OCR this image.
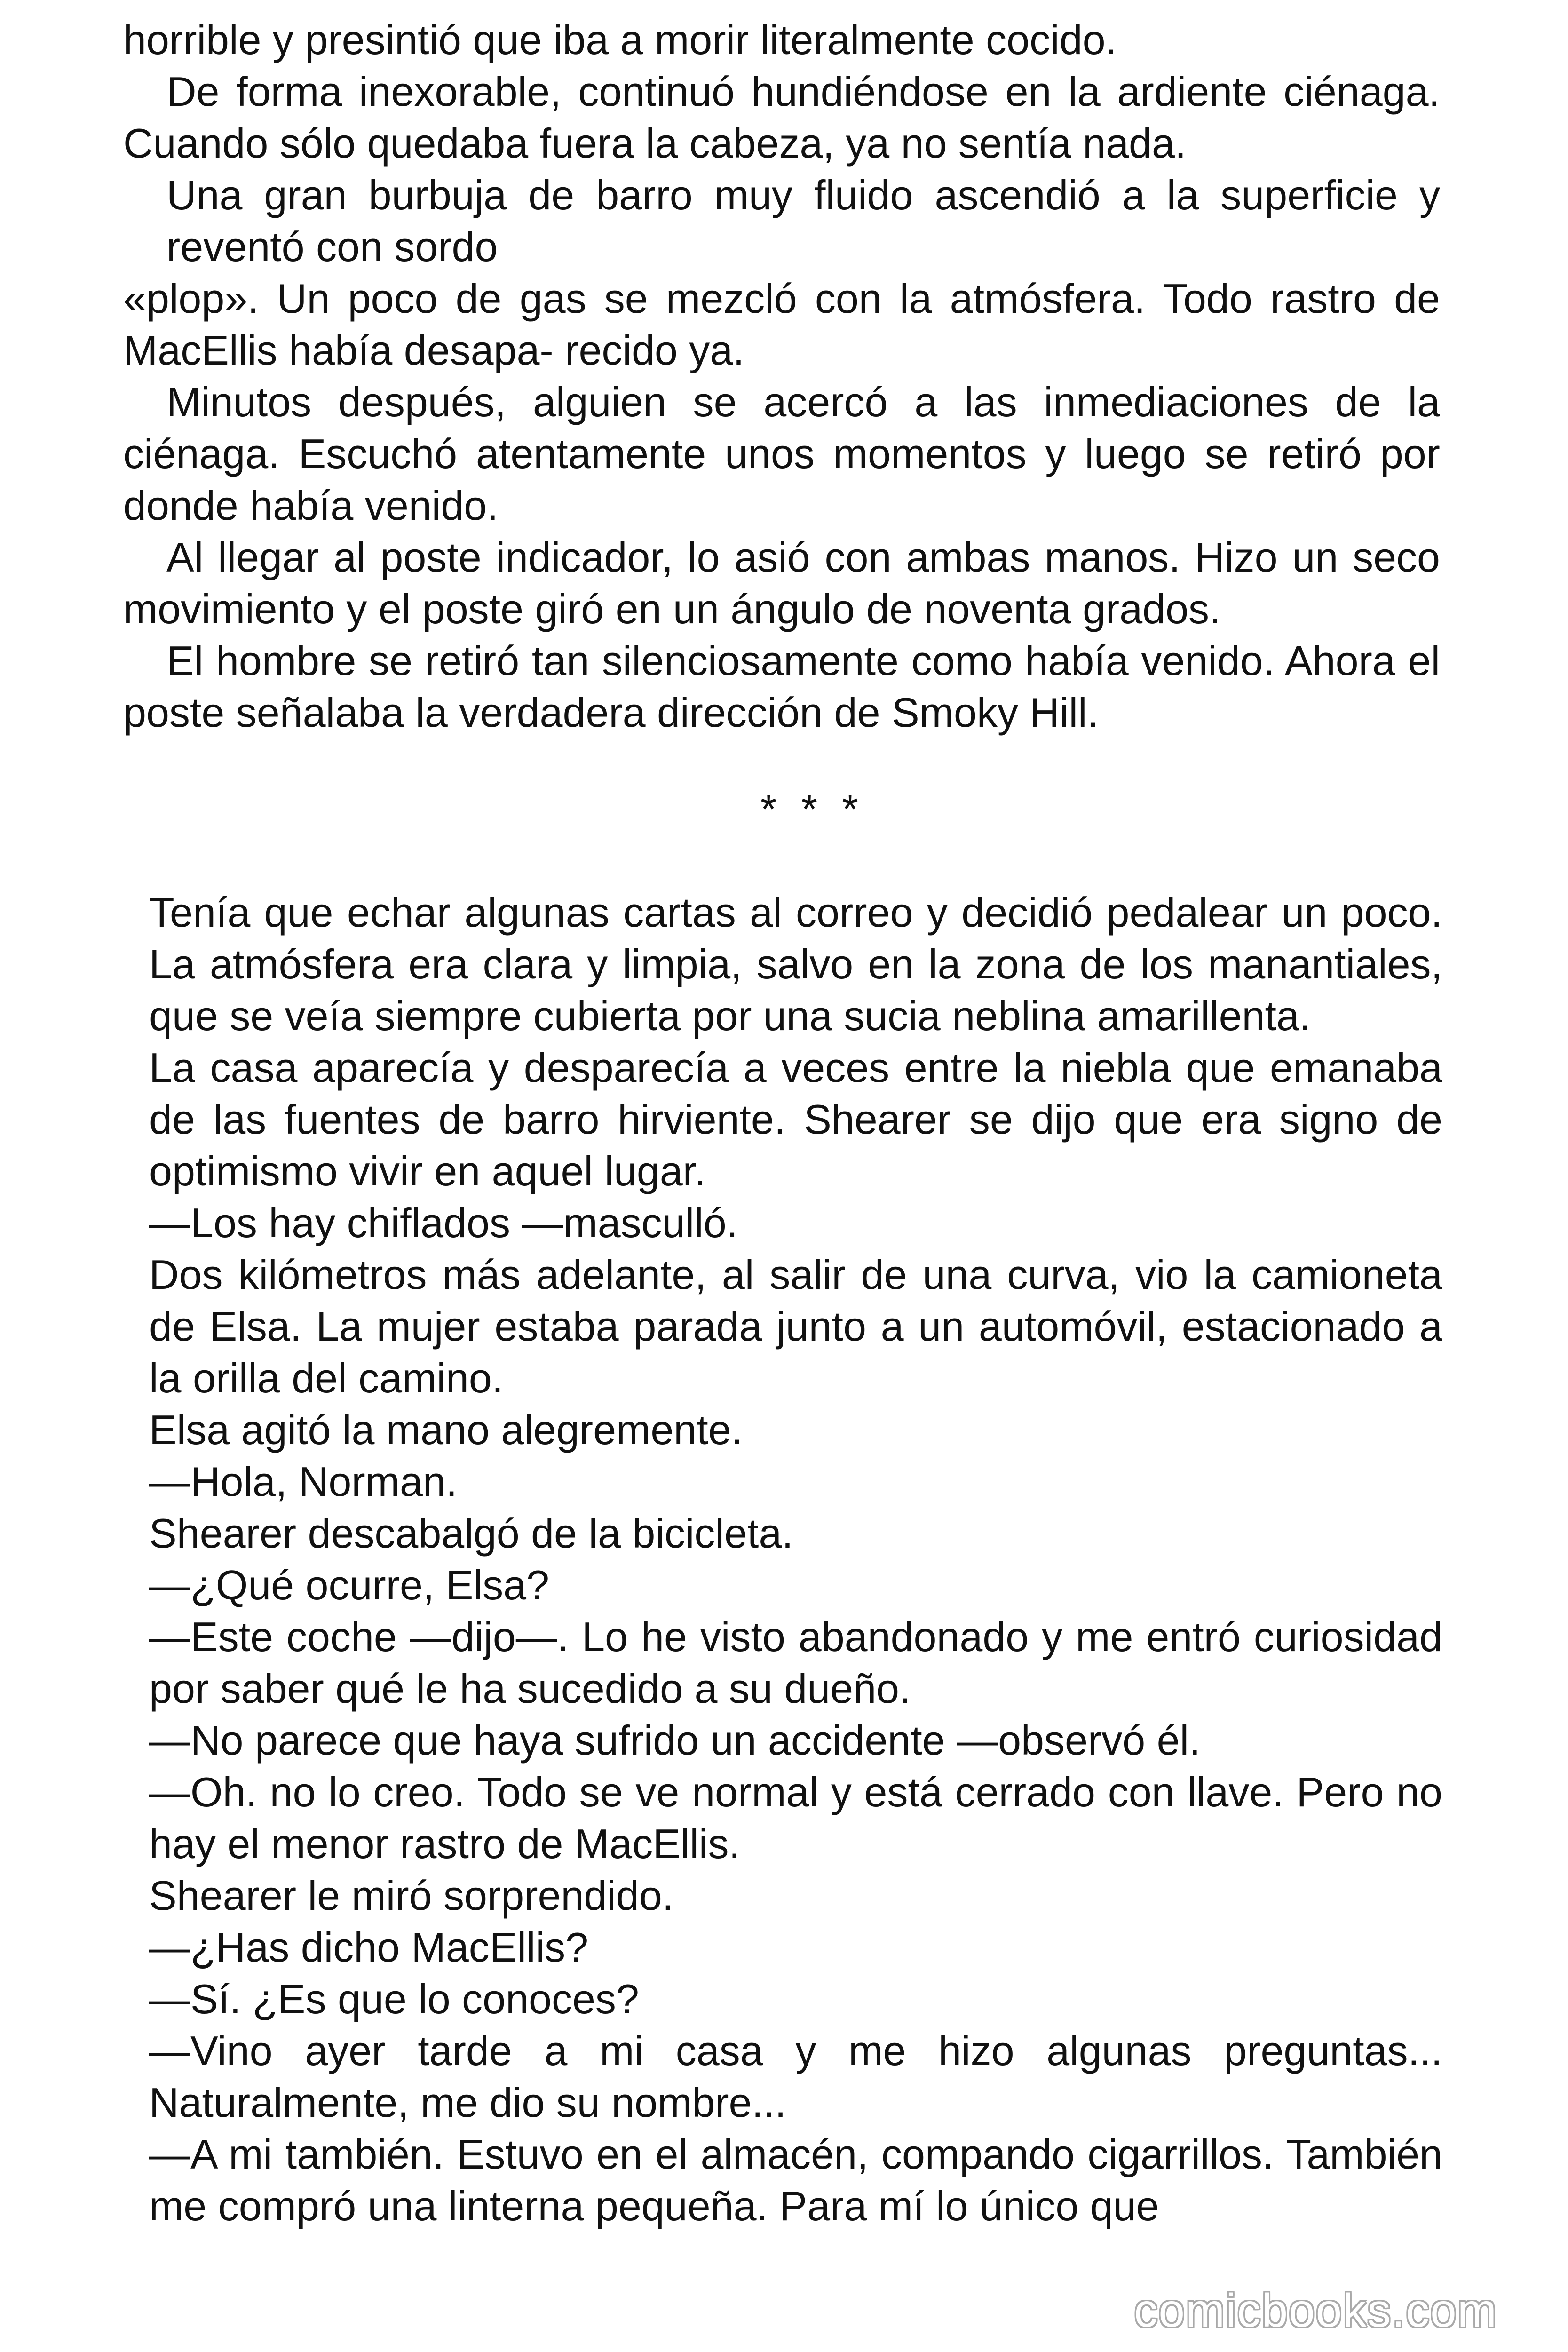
horrible y presintió que iba a morir literalmente cocido.

De forma inexorable, continuó hundiéndose en la ardiente ciénaga. Cuando sólo quedaba fuera la cabeza, ya no sentía nada.

Una gran burbuja de barro muy fluido ascendió a la superficie y reventó con sordo

«plop». Un poco de gas se mezcló con la atmósfera. Todo rastro de MacEllis había desapa- recido ya.

Minutos después, alguien se acercó a las inmediaciones de la ciénaga. Escuchó atentamente unos momentos y luego se retiró por donde había venido.

Al llegar al poste indicador, lo asió con ambas manos. Hizo un seco movimiento y el poste giró en un ángulo de noventa grados.

El hombre se retiró tan silenciosamente como había venido. Ahora el poste señalaba la verdadera dirección de Smoky Hill.

* * *

Tenía que echar algunas cartas al correo y decidió pedalear un poco. La atmósfera era clara y limpia, salvo en la zona de los manantiales, que se veía siempre cubierta por una sucia neblina amarillenta.

La casa aparecía y desparecía a veces entre la niebla que emanaba de las fuentes de barro hirviente. Shearer se dijo que era signo de optimismo vivir en aquel lugar.

—Los hay chiflados —masculló.

Dos kilómetros más adelante, al salir de una curva, vio la camioneta de Elsa. La mujer estaba parada junto a un automóvil, estacionado a la orilla del camino.

Elsa agitó la mano alegremente.

—Hola, Norman.

Shearer descabalgó de la bicicleta.

—¿Qué ocurre, Elsa?

—Este coche —dijo—. Lo he visto abandonado y me entró curiosidad por saber qué le ha sucedido a su dueño.

—No parece que haya sufrido un accidente —observó él.

—Oh. no lo creo. Todo se ve normal y está cerrado con llave. Pero no hay el menor rastro de MacEllis.

Shearer le miró sorprendido.

—¿Has dicho MacEllis?

—Sí. ¿Es que lo conoces?

—Vino ayer tarde a mi casa y me hizo algunas preguntas... Naturalmente, me dio su nombre...

—A mi también. Estuvo en el almacén, compando cigarrillos. También me compró una linterna pequeña. Para mí lo único que

comicbooks.com
